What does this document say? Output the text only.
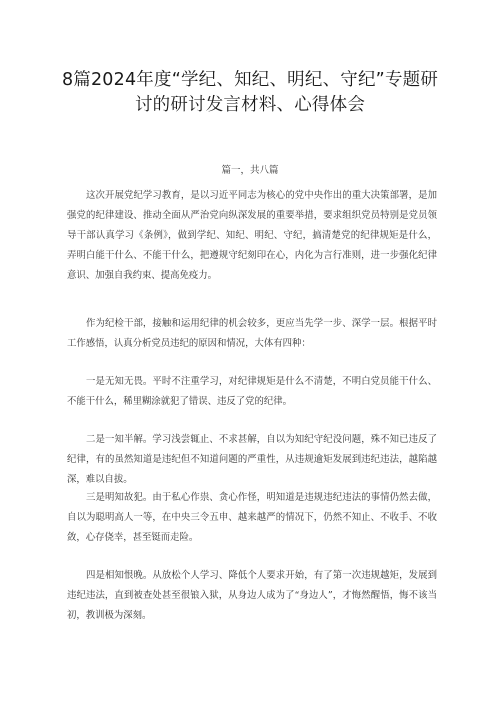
8篇2024年度“学纪、知纪、明纪、守纪”专题研
讨的研讨发言材料、心得体会
篇一，共八篇

这次开展党纪学习教育，是以习近平同志为核心的党中央作出的重大决策部署，是加强党的纪律建设、推动全面从严治党向纵深发展的重要举措，要求组织党员特别是党员领导干部认真学习《条例》，做到学纪、知纪、明纪、守纪，搞清楚党的纪律规矩是什么，弄明白能干什么、不能干什么，把遵规守纪刻印在心，内化为言行准则，进一步强化纪律意识、加强自我约束、提高免疫力。

作为纪检干部，接触和运用纪律的机会较多，更应当先学一步、深学一层。根据平时工作感悟，认真分析党员违纪的原因和情况，大体有四种：

一是无知无畏。平时不注重学习，对纪律规矩是什么不清楚，不明白党员能干什么、不能干什么，稀里糊涂就犯了错误、违反了党的纪律。

二是一知半解。学习浅尝辄止、不求甚解，自以为知纪守纪没问题，殊不知已违反了纪律，有的虽然知道是违纪但不知道问题的严重性，从违规逾矩发展到违纪违法，越陷越深，难以自拔。

三是明知故犯。由于私心作祟、贪心作怪，明知道是违规违纪违法的事情仍然去做，自以为聪明高人一等，在中央三令五申、越来越严的情况下，仍然不知止、不收手、不收敛，心存侥幸，甚至铤而走险。

四是相知恨晚。从放松个人学习、降低个人要求开始，有了第一次违规越矩，发展到违纪违法，直到被查处甚至很锒入狱，从身边人成为了“身边人”，才悔然醒悟，悔不该当初，教训极为深刻。
